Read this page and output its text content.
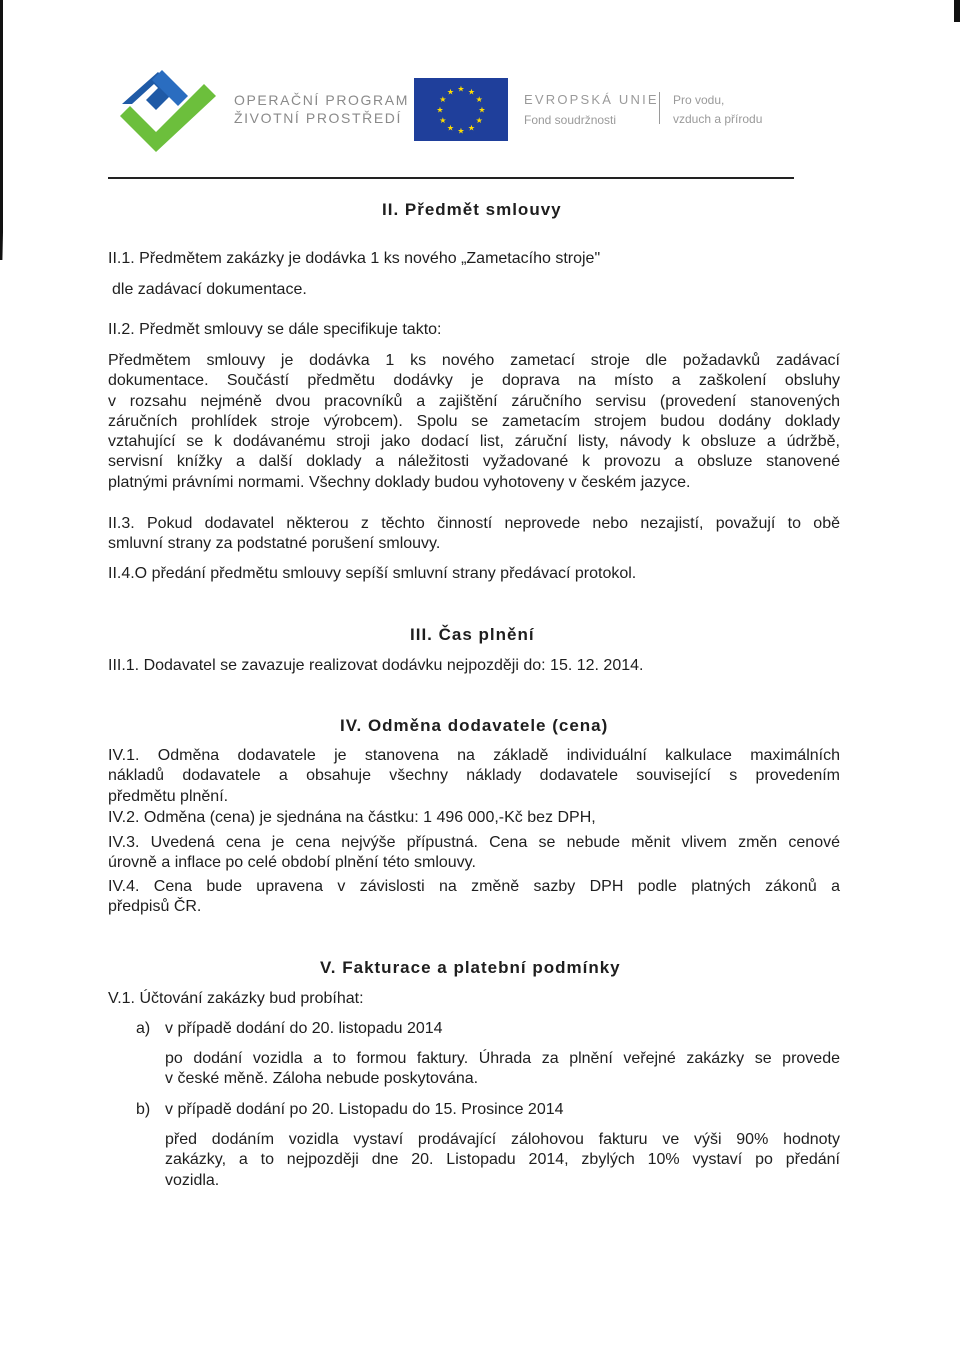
OPERAČNÍ PROGRAM
ŽIVOTNÍ PROSTŘEDÍ	★
★
★
★
★
★
★
★
★ ★ ★
★	EVROPSKÁ UNIE
Fond soudržnosti
Pro vodu,
vzduch a přírodu
II. Předmět smlouvy
II.1. Předmětem zakázky je dodávka 1 ks nového „Zametacího stroje"
dle zadávací dokumentace.
II.2. Předmět smlouvy se dále specifikuje takto:
Předmětem smlouvy je dodávka 1 ks nového zametací stroje dle požadavků zadávací
dokumentace. Součástí předmětu dodávky je doprava na místo a zaškolení obsluhy
v rozsahu nejméně dvou pracovníků a zajištění záručního servisu (provedení stanovených
záručních prohlídek stroje výrobcem). Spolu se zametacím strojem budou dodány doklady
vztahující se k dodávanému stroji jako dodací list, záruční listy, návody k obsluze a údržbě,
servisní knížky a další doklady a náležitosti vyžadované k provozu a obsluze stanovené
platnými právními normami. Všechny doklady budou vyhotoveny v českém jazyce.
II.3. Pokud dodavatel některou z těchto činností neprovede nebo nezajistí, považují to obě
smluvní strany za podstatné porušení smlouvy.
II.4.O předání předmětu smlouvy sepíší smluvní strany předávací protokol.
III. Čas plnění
III.1. Dodavatel se zavazuje realizovat dodávku nejpozději do: 15. 12. 2014.
IV. Odměna dodavatele (cena)
IV.1. Odměna dodavatele je stanovena na základě individuální kalkulace maximálních
nákladů dodavatele a obsahuje všechny náklady dodavatele související s provedením
předmětu plnění.
IV.2. Odměna (cena) je sjednána na částku: 1 496 000,-Kč bez DPH,
IV.3. Uvedená cena je cena nejvýše přípustná. Cena se nebude měnit vlivem změn cenové
úrovně a inflace po celé období plnění této smlouvy.
IV.4. Cena bude upravena v závislosti na změně sazby DPH podle platných zákonů a
předpisů ČR.
V. Fakturace a platební podmínky
V.1. Účtování zakázky bud probíhat:
a) v případě dodání do 20. listopadu 2014
po dodání vozidla a to formou faktury. Úhrada za plnění veřejné zakázky se provede
v české měně. Záloha nebude poskytována.
b) v případě dodání po 20. Listopadu do 15. Prosince 2014
před dodáním vozidla vystaví prodávající zálohovou fakturu ve výši 90% hodnoty
zakázky, a to nejpozději dne 20. Listopadu 2014, zbylých 10% vystaví po předání
vozidla.
